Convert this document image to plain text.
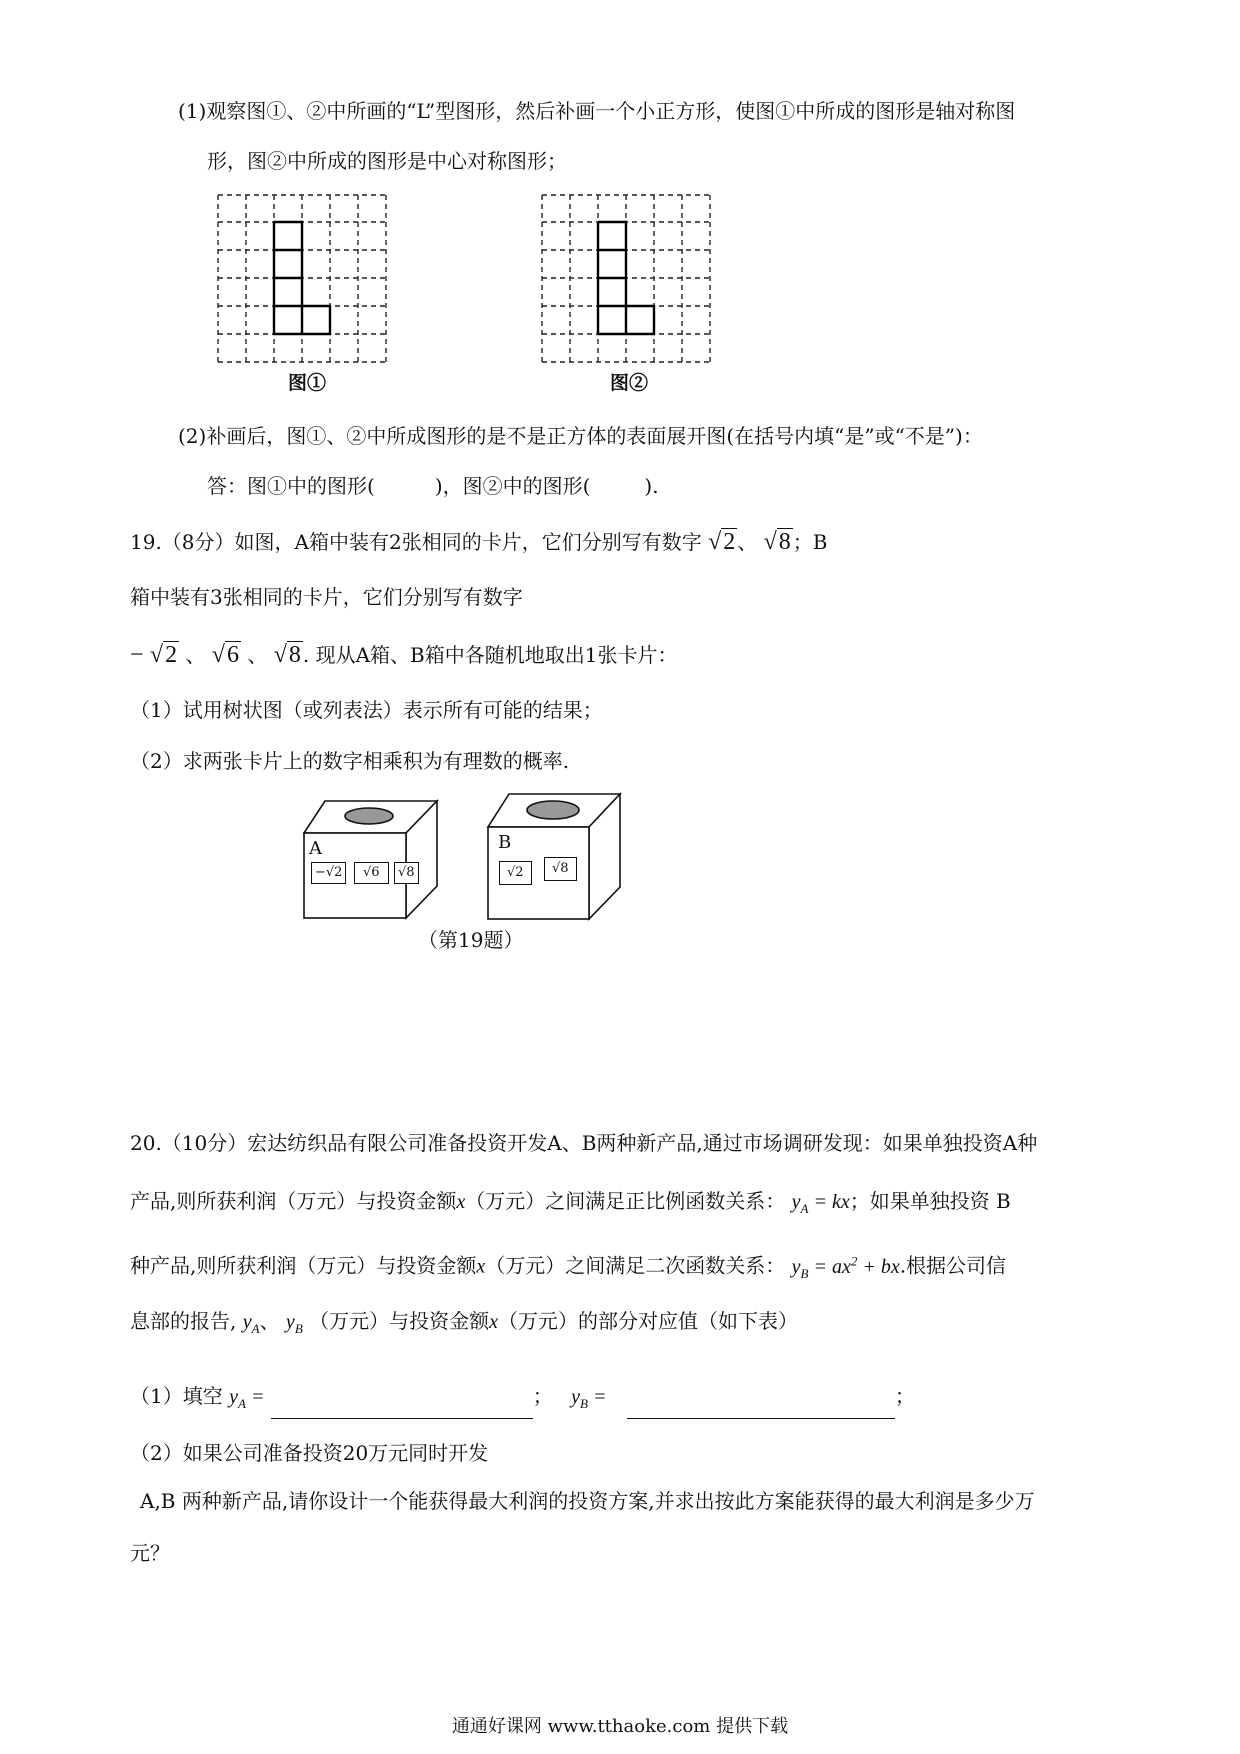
(1)观察图①、②中所画的“L”型图形，然后补画一个小正方形，使图①中所成的图形是轴对称图
形，图②中所成的图形是中心对称图形；
图①	图②
(2)补画后，图①、②中所成图形的是不是正方体的表面展开图(在括号内填“是”或“不是”)：
答：图①中的图形(	)，图②中的图形(	).
19.（8分）如图，A箱中装有2张相同的卡片，它们分别写有数字 √2 、 √8 ；B
箱中装有3张相同的卡片，它们分别写有数字
− √2 、 √6 、 √8 . 现从A箱、B箱中各随机地取出1张卡片：
（1）试用树状图（或列表法）表示所有可能的结果；
（2）求两张卡片上的数字相乘积为有理数的概率.
A
−√2	√6	√8
B
√2	√8
（第19题）
20.（10分）宏达纺织品有限公司准备投资开发A、B两种新产品,通过市场调研发现：如果单独投资A种
产品,则所获利润（万元）与投资金额x（万元）之间满足正比例函数关系： $y_A$ = kx；如果单独投资 B
种产品,则所获利润（万元）与投资金额x（万元）之间满足二次函数关系： $y_B = ax^2$ + bx.根据公司信
息部的报告, $y_A$、 $y_B$ （万元）与投资金额x（万元）的部分对应值（如下表）
（1）填空 $y_A$ =	； $y_B$ =	；
（2）如果公司准备投资20万元同时开发
A,B 两种新产品,请你设计一个能获得最大利润的投资方案,并求出按此方案能获得的最大利润是多少万
元？
通通好课网 www.tthaoke.com 提供下载
